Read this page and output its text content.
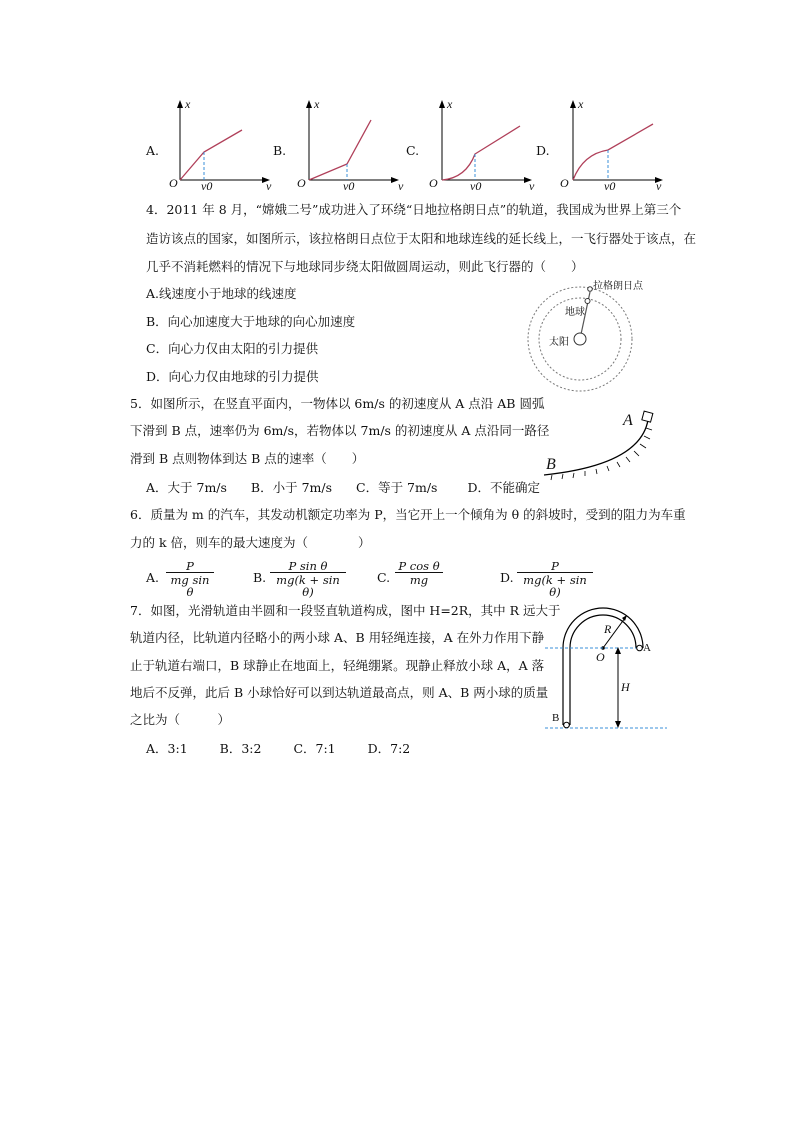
A.
x
O v0	v
B.
x
O	v0	v
C.
x
O	v0	v
D.
x
O	v0	v
4．2011 年 8 月，“嫦娥二号”成功进入了环绕“日地拉格朗日点”的轨道，我国成为世界上第三个
造访该点的国家，如图所示，该拉格朗日点位于太阳和地球连线的延长线上，一飞行器处于该点，在
几乎不消耗燃料的情况下与地球同步绕太阳做圆周运动，则此飞行器的（　　）
A.线速度小于地球的线速度
B．向心加速度大于地球的向心加速度
C．向心力仅由太阳的引力提供
D．向心力仅由地球的引力提供
拉格朗日点
地球
太阳
5．如图所示，在竖直平面内，一物体以 6m/s 的初速度从 A 点沿 AB 圆弧
下滑到 B 点，速率仍为 6m/s，若物体以 7m/s 的初速度从 A 点沿同一路径
滑到 B 点则物体到达 B 点的速率（　　）
A．大于 7m/s B．小于 7m/s C．等于 7m/s D．不能确定
A
B
6．质量为 m 的汽车，其发动机额定功率为 P，当它开上一个倾角为 θ 的斜坡时，受到的阻力为车重
力的 k 倍，则车的最大速度为（　　　　）
A. $\frac{P}{\text{mg sin θ}}$	B. $\frac{\text{P sin θ}}{\text{mg(k + sin θ)}} C$. $\frac{\text{P cos θ}}{mg}$	D. $\frac{P}{\text{mg(k + sin θ)}}$
7．如图，光滑轨道由半圆和一段竖直轨道构成，图中 H=2R，其中 R 远大于
轨道内径，比轨道内径略小的两小球 A、B 用轻绳连接，A 在外力作用下静
止于轨道右端口，B 球静止在地面上，轻绳绷紧。现静止释放小球 A，A 落
地后不反弹，此后 B 小球恰好可以到达轨道最高点，则 A、B 两小球的质量
之比为（　　　）
A．3:1	B．3:2	C．7:1	D．7:2
R
O
A
H
B
